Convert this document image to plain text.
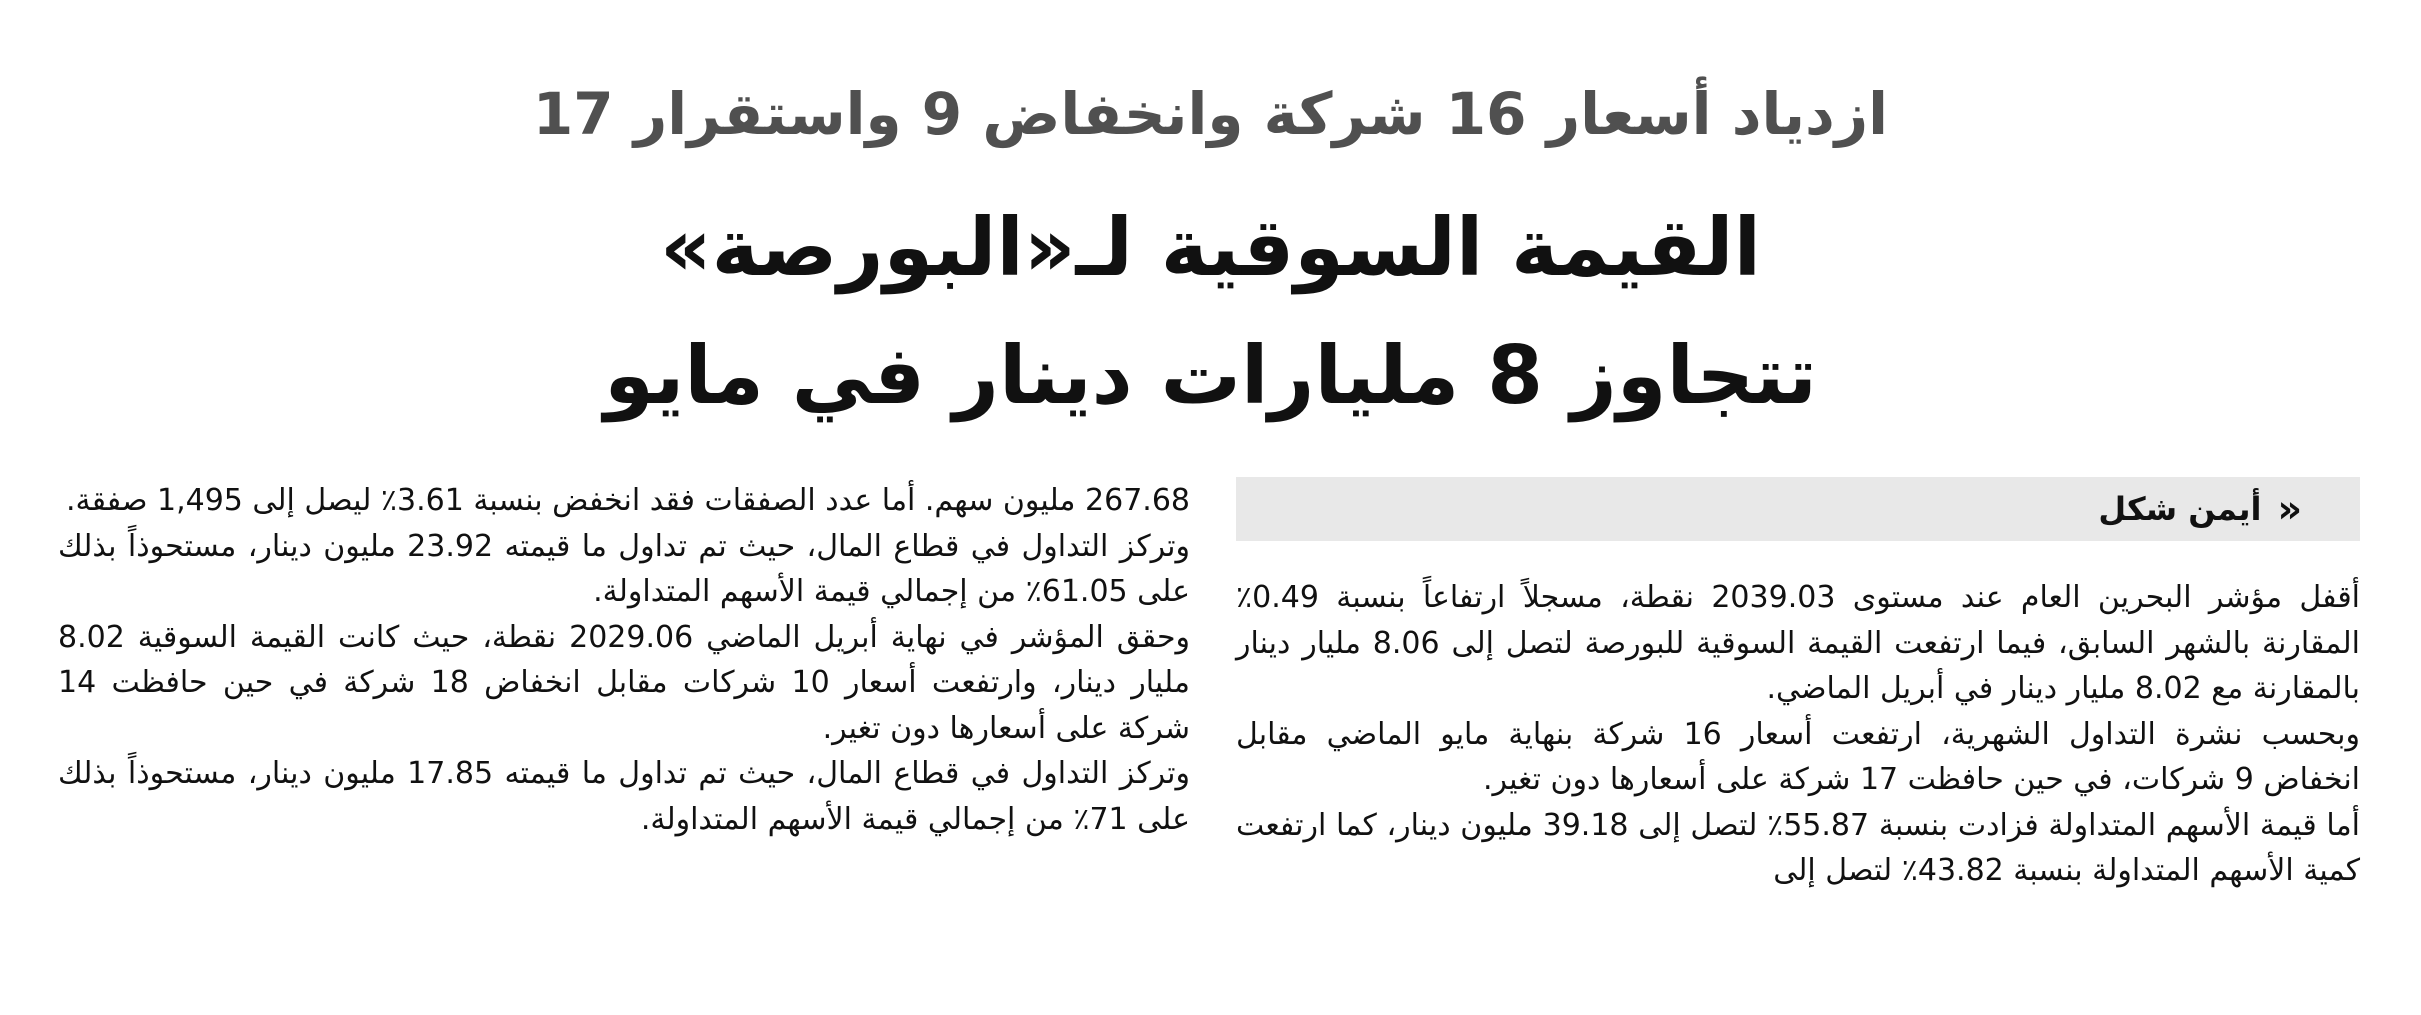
ازدياد أسعار 16 شركة وانخفاض 9 واستقرار 17
القيمة السوقية لـ«البورصة»
تتجاوز 8 مليارات دينار في مايو
«
أيمن شكل

أقفل مؤشر البحرين العام عند مستوى 2039.03 نقطة، مسجلاً ارتفاعاً بنسبة 0.49٪ المقارنة بالشهر السابق، فيما ارتفعت القيمة السوقية للبورصة لتصل إلى 8.06 مليار دينار بالمقارنة مع 8.02 مليار دينار في أبريل الماضي.

وبحسب نشرة التداول الشهرية، ارتفعت أسعار 16 شركة بنهاية مايو الماضي مقابل انخفاض 9 شركات، في حين حافظت 17 شركة على أسعارها دون تغير.

أما قيمة الأسهم المتداولة فزادت بنسبة 55.87٪ لتصل إلى 39.18 مليون دينار، كما ارتفعت كمية الأسهم المتداولة بنسبة 43.82٪ لتصل إلى

267.68 مليون سهم. أما عدد الصفقات فقد انخفض بنسبة 3.61٪ ليصل إلى 1,495 صفقة.

وتركز التداول في قطاع المال، حيث تم تداول ما قيمته 23.92 مليون دينار، مستحوذاً بذلك على 61.05٪ من إجمالي قيمة الأسهم المتداولة.

وحقق المؤشر في نهاية أبريل الماضي 2029.06 نقطة، حيث كانت القيمة السوقية 8.02 مليار دينار، وارتفعت أسعار 10 شركات مقابل انخفاض 18 شركة في حين حافظت 14 شركة على أسعارها دون تغير.

وتركز التداول في قطاع المال، حيث تم تداول ما قيمته 17.85 مليون دينار، مستحوذاً بذلك على 71٪ من إجمالي قيمة الأسهم المتداولة.
